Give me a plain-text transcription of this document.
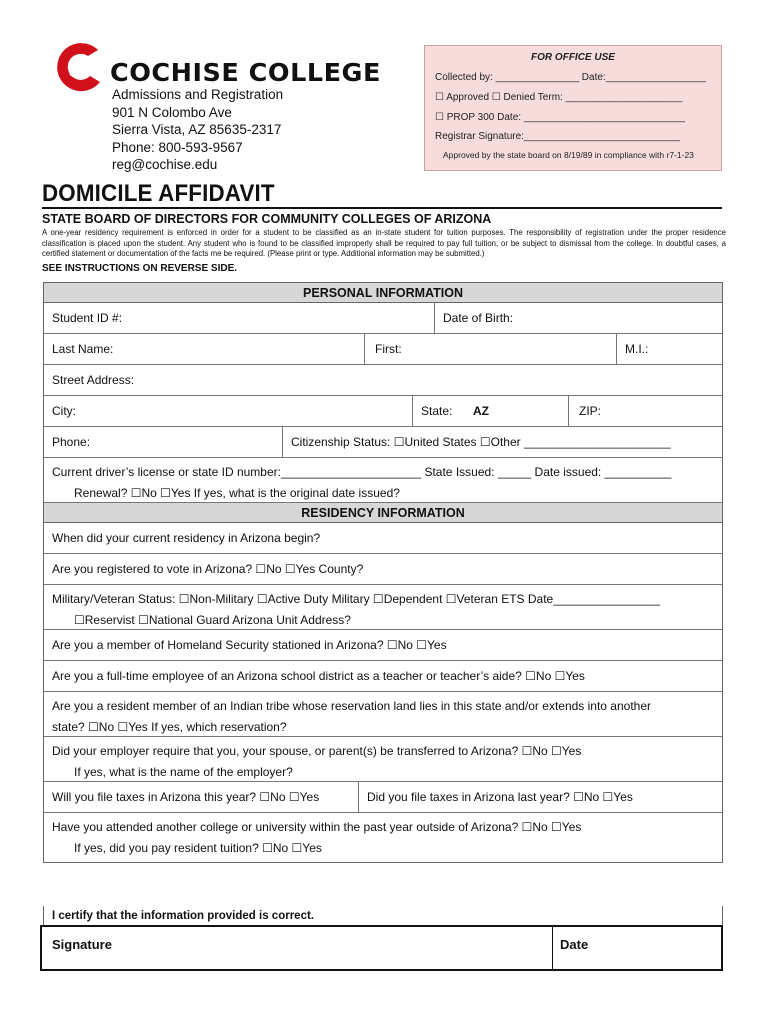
COCHISE COLLEGE
Admissions and Registration
901 N Colombo Ave
Sierra Vista, AZ 85635-2317
Phone: 800-593-9567
reg@cochise.edu
FOR OFFICE USE
Collected by: _______________ Date:__________________
☐ Approved ☐ Denied Term: _____________________
☐ PROP 300 Date: _____________________________
Registrar Signature:____________________________
Approved by the state board on 8/19/89 in compliance with r7-1-23
DOMICILE AFFIDAVIT
STATE BOARD OF DIRECTORS FOR COMMUNITY COLLEGES OF ARIZONA
A one-year residency requirement is enforced in order for a student to be classified as an in-state student for tuition purposes. The responsibility of registration under the proper residence classification is placed upon the student. Any student who is found to be classified improperly shall be required to pay full tuition, or be subject to dismissal from the college. In doubtful cases, a certified statement or documentation of the facts me be required. (Please print or type. Additional information may be submitted.)
SEE INSTRUCTIONS ON REVERSE SIDE.
PERSONAL INFORMATION
Student ID #:	Date of Birth:
Last Name:	First:	M.I.:
Street Address:
City:	State: AZ	ZIP:
Phone:	Citizenship Status: ☐United States ☐Other ______________________
Current driver’s license or state ID number:_____________________ State Issued: _____ Date issued: __________
Renewal? ☐No ☐Yes If yes, what is the original date issued?
RESIDENCY INFORMATION
When did your current residency in Arizona begin?
Are you registered to vote in Arizona? ☐No ☐Yes County?
Military/Veteran Status: ☐Non-Military ☐Active Duty Military ☐Dependent ☐Veteran ETS Date________________
☐Reservist ☐National Guard Arizona Unit Address?
Are you a member of Homeland Security stationed in Arizona? ☐No ☐Yes
Are you a full-time employee of an Arizona school district as a teacher or teacher’s aide? ☐No ☐Yes
Are you a resident member of an Indian tribe whose reservation land lies in this state and/or extends into another
state? ☐No ☐Yes If yes, which reservation?
Did your employer require that you, your spouse, or parent(s) be transferred to Arizona? ☐No ☐Yes
If yes, what is the name of the employer?
Will you file taxes in Arizona this year? ☐No ☐Yes	Did you file taxes in Arizona last year? ☐No ☐Yes
Have you attended another college or university within the past year outside of Arizona? ☐No ☐Yes
If yes, did you pay resident tuition? ☐No ☐Yes
I certify that the information provided is correct.
Signature	Date
